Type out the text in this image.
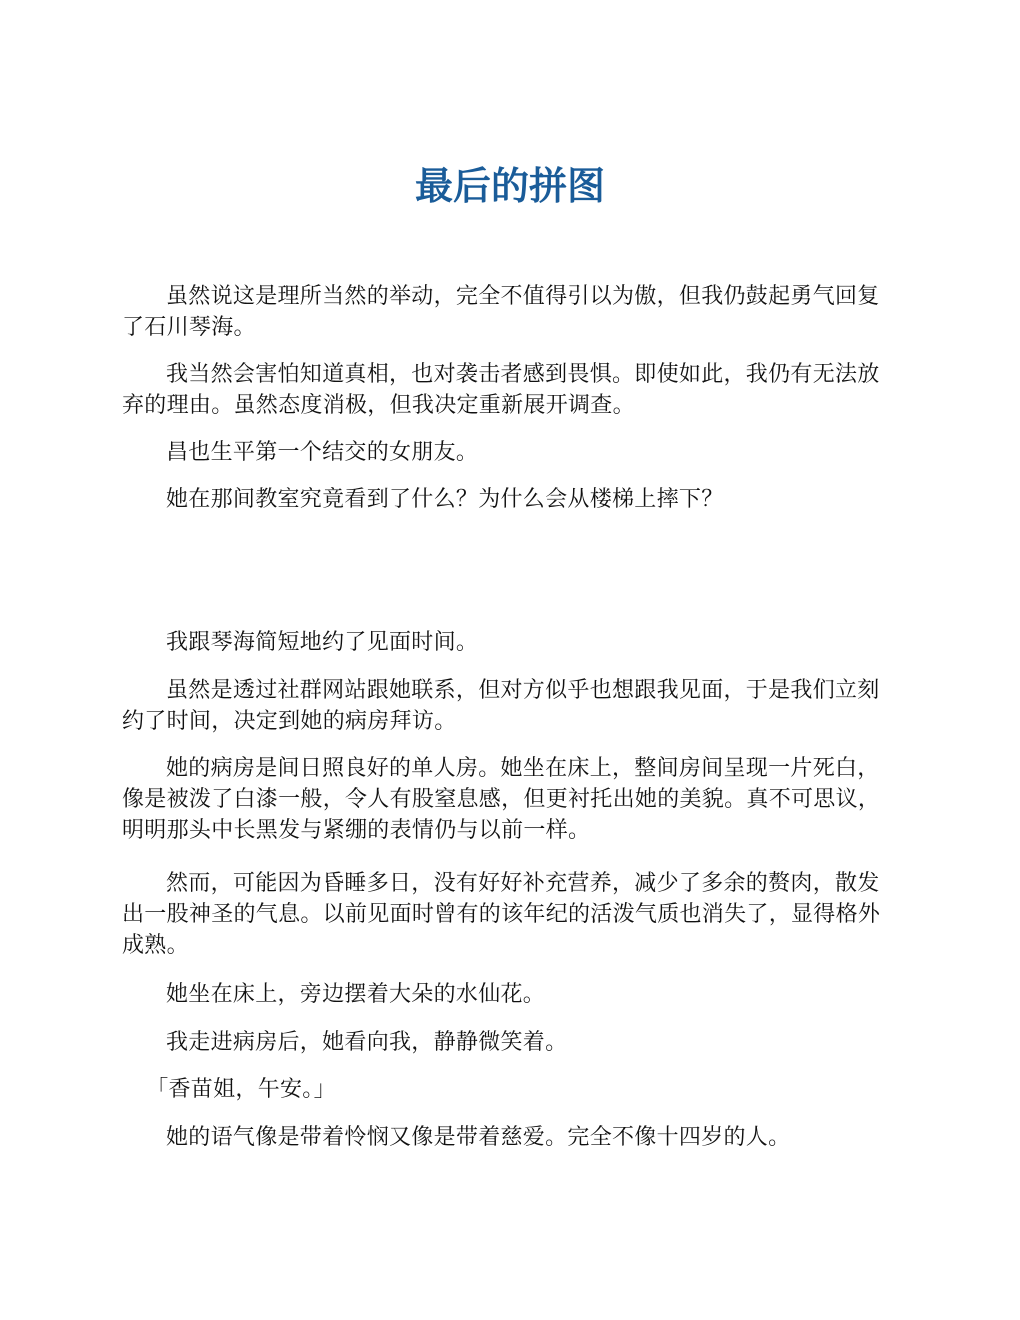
最后的拼图

虽然说这是理所当然的举动，完全不值得引以为傲，但我仍鼓起勇气回复了石川琴海。

我当然会害怕知道真相，也对袭击者感到畏惧。即使如此，我仍有无法放弃的理由。虽然态度消极，但我决定重新展开调查。

昌也生平第一个结交的女朋友。

她在那间教室究竟看到了什么？为什么会从楼梯上摔下？

我跟琴海简短地约了见面时间。

虽然是透过社群网站跟她联系，但对方似乎也想跟我见面，于是我们立刻约了时间，决定到她的病房拜访。

她的病房是间日照良好的单人房。她坐在床上，整间房间呈现一片死白，像是被泼了白漆一般，令人有股窒息感，但更衬托出她的美貌。真不可思议，明明那头中长黑发与紧绷的表情仍与以前一样。

然而，可能因为昏睡多日，没有好好补充营养，减少了多余的赘肉，散发出一股神圣的气息。以前见面时曾有的该年纪的活泼气质也消失了，显得格外成熟。

她坐在床上，旁边摆着大朵的水仙花。

我走进病房后，她看向我，静静微笑着。

「香苗姐，午安。」

她的语气像是带着怜悯又像是带着慈爱。完全不像十四岁的人。
